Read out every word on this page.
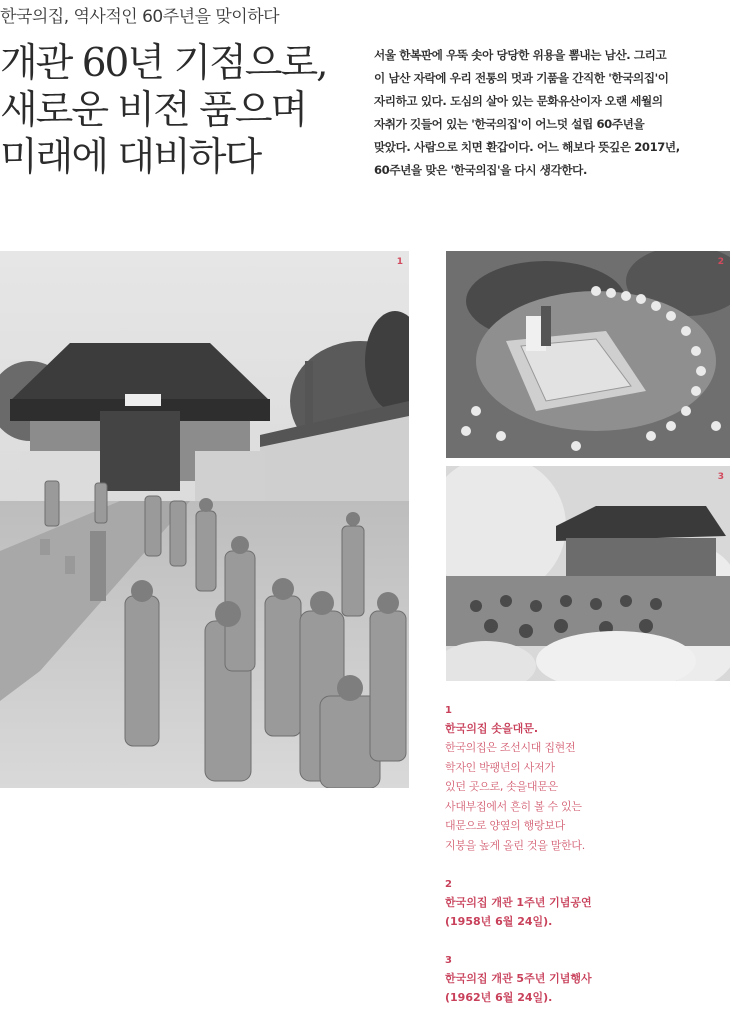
한국의집, 역사적인 60주년을 맞이하다
개관 60년 기점으로,
새로운 비전 품으며
미래에 대비하다
서울 한복판에 우뚝 솟아 당당한 위용을 뽐내는 남산. 그리고
이 남산 자락에 우리 전통의 멋과 기품을 간직한 '한국의집'이
자리하고 있다. 도심의 살아 있는 문화유산이자 오랜 세월의
자취가 깃들어 있는 '한국의집'이 어느덧 설립 60주년을
맞았다. 사람으로 치면 환갑이다. 어느 해보다 뜻깊은 2017년,
60주년을 맞은 '한국의집'을 다시 생각한다.
1	2
3
1
한국의집 솟을대문.
한국의집은 조선시대 집현전
학자인 박팽년의 사저가
있던 곳으로, 솟을대문은
사대부집에서 흔히 볼 수 있는
대문으로 양옆의 행랑보다
지붕을 높게 올린 것을 말한다.
2
한국의집 개관 1주년 기념공연
(1958년 6월 24일).
3
한국의집 개관 5주년 기념행사
(1962년 6월 24일).
